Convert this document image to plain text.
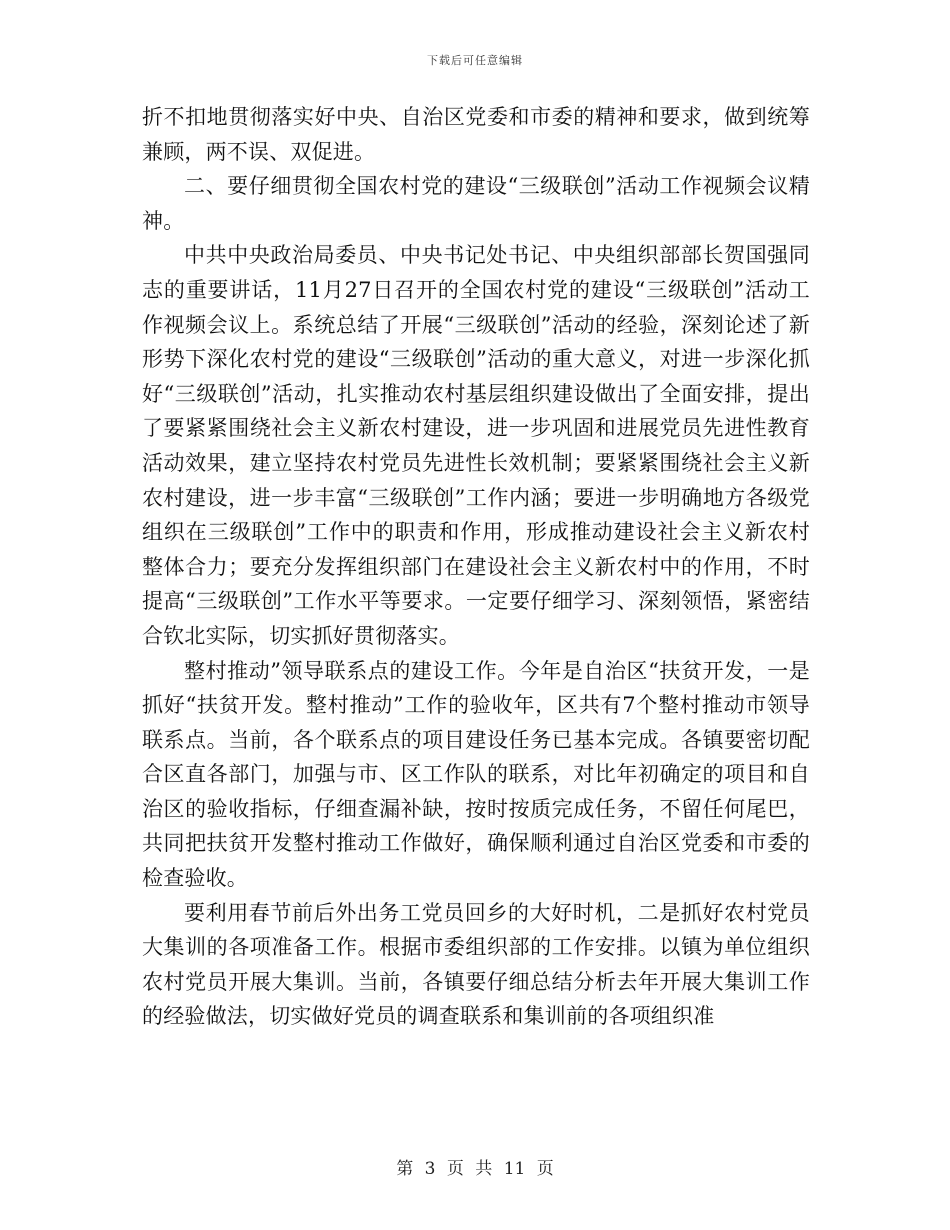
下载后可任意编辑

折不扣地贯彻落实好中央、自治区党委和市委的精神和要求，做到统筹兼顾，两不误、双促进。

二、要仔细贯彻全国农村党的建设“三级联创”活动工作视频会议精神。

中共中央政治局委员、中央书记处书记、中央组织部部长贺国强同志的重要讲话，11月27日召开的全国农村党的建设“三级联创”活动工作视频会议上。系统总结了开展“三级联创”活动的经验，深刻论述了新形势下深化农村党的建设“三级联创”活动的重大意义，对进一步深化抓好“三级联创”活动，扎实推动农村基层组织建设做出了全面安排，提出了要紧紧围绕社会主义新农村建设，进一步巩固和进展党员先进性教育活动效果，建立坚持农村党员先进性长效机制；要紧紧围绕社会主义新农村建设，进一步丰富“三级联创”工作内涵；要进一步明确地方各级党组织在三级联创”工作中的职责和作用，形成推动建设社会主义新农村整体合力；要充分发挥组织部门在建设社会主义新农村中的作用，不时提高“三级联创”工作水平等要求。一定要仔细学习、深刻领悟，紧密结合钦北实际，切实抓好贯彻落实。

整村推动”领导联系点的建设工作。今年是自治区“扶贫开发，一是抓好“扶贫开发。整村推动”工作的验收年，区共有7个整村推动市领导联系点。当前，各个联系点的项目建设任务已基本完成。各镇要密切配合区直各部门，加强与市、区工作队的联系，对比年初确定的项目和自治区的验收指标，仔细查漏补缺，按时按质完成任务，不留任何尾巴，共同把扶贫开发整村推动工作做好，确保顺利通过自治区党委和市委的检查验收。

要利用春节前后外出务工党员回乡的大好时机，二是抓好农村党员大集训的各项准备工作。根据市委组织部的工作安排。以镇为单位组织农村党员开展大集训。当前，各镇要仔细总结分析去年开展大集训工作的经验做法，切实做好党员的调查联系和集训前的各项组织准

第 3 页 共 11 页
